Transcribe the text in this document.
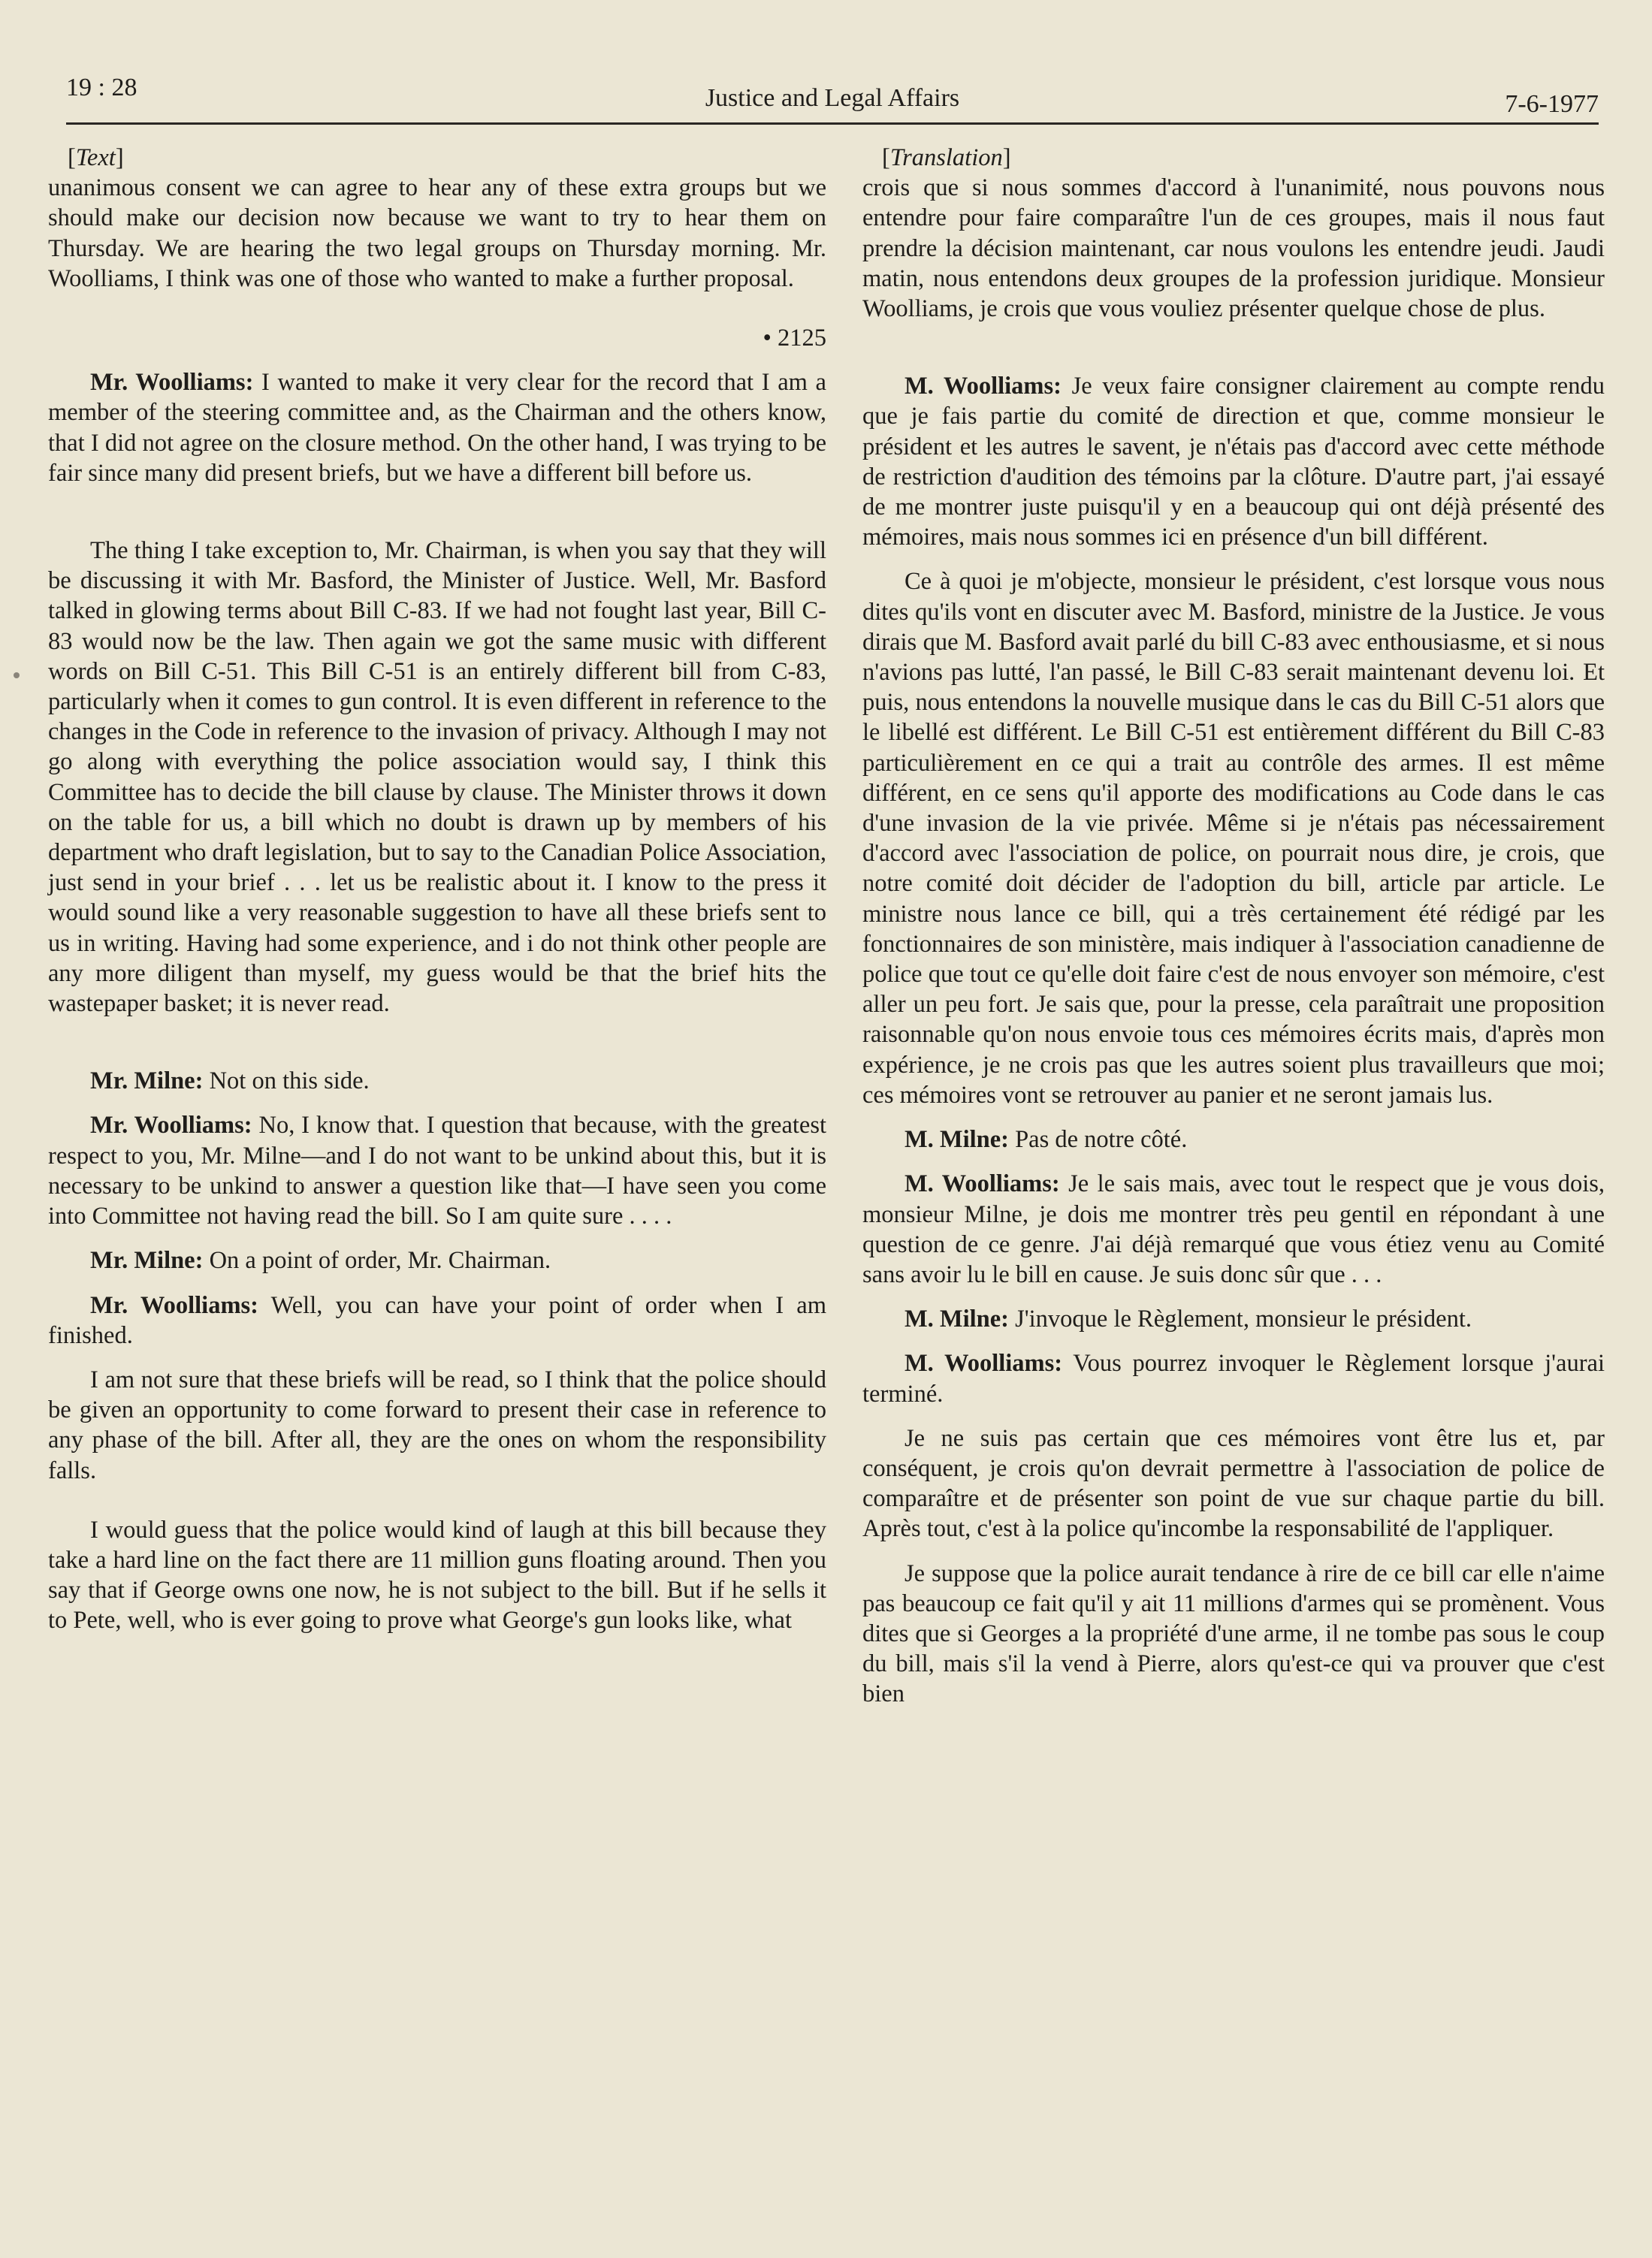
19 : 28	Justice and Legal Affairs	7-6-1977

[Text]

unanimous consent we can agree to hear any of these extra groups but we should make our decision now because we want to try to hear them on Thursday. We are hearing the two legal groups on Thursday morning. Mr. Woolliams, I think was one of those who wanted to make a further proposal.

• 2125

Mr. Woolliams: I wanted to make it very clear for the record that I am a member of the steering committee and, as the Chairman and the others know, that I did not agree on the closure method. On the other hand, I was trying to be fair since many did present briefs, but we have a different bill before us.

The thing I take exception to, Mr. Chairman, is when you say that they will be discussing it with Mr. Basford, the Minister of Justice. Well, Mr. Basford talked in glowing terms about Bill C-83. If we had not fought last year, Bill C-83 would now be the law. Then again we got the same music with different words on Bill C-51. This Bill C-51 is an entirely different bill from C-83, particularly when it comes to gun control. It is even different in reference to the changes in the Code in reference to the invasion of privacy. Although I may not go along with everything the police association would say, I think this Committee has to decide the bill clause by clause. The Minister throws it down on the table for us, a bill which no doubt is drawn up by members of his department who draft legislation, but to say to the Canadian Police Association, just send in your brief . . . let us be realistic about it. I know to the press it would sound like a very reasonable suggestion to have all these briefs sent to us in writing. Having had some experience, and i do not think other people are any more diligent than myself, my guess would be that the brief hits the wastepaper basket; it is never read.

Mr. Milne: Not on this side.

Mr. Woolliams: No, I know that. I question that because, with the greatest respect to you, Mr. Milne—and I do not want to be unkind about this, but it is necessary to be unkind to answer a question like that—I have seen you come into Committee not having read the bill. So I am quite sure . . . .

Mr. Milne: On a point of order, Mr. Chairman.

Mr. Woolliams: Well, you can have your point of order when I am finished.

I am not sure that these briefs will be read, so I think that the police should be given an opportunity to come forward to present their case in reference to any phase of the bill. After all, they are the ones on whom the responsibility falls.

I would guess that the police would kind of laugh at this bill because they take a hard line on the fact there are 11 million guns floating around. Then you say that if George owns one now, he is not subject to the bill. But if he sells it to Pete, well, who is ever going to prove what George's gun looks like, what

[Translation]

crois que si nous sommes d'accord à l'unanimité, nous pouvons nous entendre pour faire comparaître l'un de ces groupes, mais il nous faut prendre la décision maintenant, car nous voulons les entendre jeudi. Jaudi matin, nous entendons deux groupes de la profession juridique. Monsieur Woolliams, je crois que vous vouliez présenter quelque chose de plus.

M. Woolliams: Je veux faire consigner clairement au compte rendu que je fais partie du comité de direction et que, comme monsieur le président et les autres le savent, je n'étais pas d'accord avec cette méthode de restriction d'audition des témoins par la clôture. D'autre part, j'ai essayé de me montrer juste puisqu'il y en a beaucoup qui ont déjà présenté des mémoires, mais nous sommes ici en présence d'un bill différent.

Ce à quoi je m'objecte, monsieur le président, c'est lorsque vous nous dites qu'ils vont en discuter avec M. Basford, ministre de la Justice. Je vous dirais que M. Basford avait parlé du bill C-83 avec enthousiasme, et si nous n'avions pas lutté, l'an passé, le Bill C-83 serait maintenant devenu loi. Et puis, nous entendons la nouvelle musique dans le cas du Bill C-51 alors que le libellé est différent. Le Bill C-51 est entièrement différent du Bill C-83 particulièrement en ce qui a trait au contrôle des armes. Il est même différent, en ce sens qu'il apporte des modifications au Code dans le cas d'une invasion de la vie privée. Même si je n'étais pas nécessairement d'accord avec l'association de police, on pourrait nous dire, je crois, que notre comité doit décider de l'adoption du bill, article par article. Le ministre nous lance ce bill, qui a très certainement été rédigé par les fonctionnaires de son ministère, mais indiquer à l'association canadienne de police que tout ce qu'elle doit faire c'est de nous envoyer son mémoire, c'est aller un peu fort. Je sais que, pour la presse, cela paraîtrait une proposition raisonnable qu'on nous envoie tous ces mémoires écrits mais, d'après mon expérience, je ne crois pas que les autres soient plus travailleurs que moi; ces mémoires vont se retrouver au panier et ne seront jamais lus.

M. Milne: Pas de notre côté.

M. Woolliams: Je le sais mais, avec tout le respect que je vous dois, monsieur Milne, je dois me montrer très peu gentil en répondant à une question de ce genre. J'ai déjà remarqué que vous étiez venu au Comité sans avoir lu le bill en cause. Je suis donc sûr que . . .

M. Milne: J'invoque le Règlement, monsieur le président.

M. Woolliams: Vous pourrez invoquer le Règlement lorsque j'aurai terminé.

Je ne suis pas certain que ces mémoires vont être lus et, par conséquent, je crois qu'on devrait permettre à l'association de police de comparaître et de présenter son point de vue sur chaque partie du bill. Après tout, c'est à la police qu'incombe la responsabilité de l'appliquer.

Je suppose que la police aurait tendance à rire de ce bill car elle n'aime pas beaucoup ce fait qu'il y ait 11 millions d'armes qui se promènent. Vous dites que si Georges a la propriété d'une arme, il ne tombe pas sous le coup du bill, mais s'il la vend à Pierre, alors qu'est-ce qui va prouver que c'est bien
